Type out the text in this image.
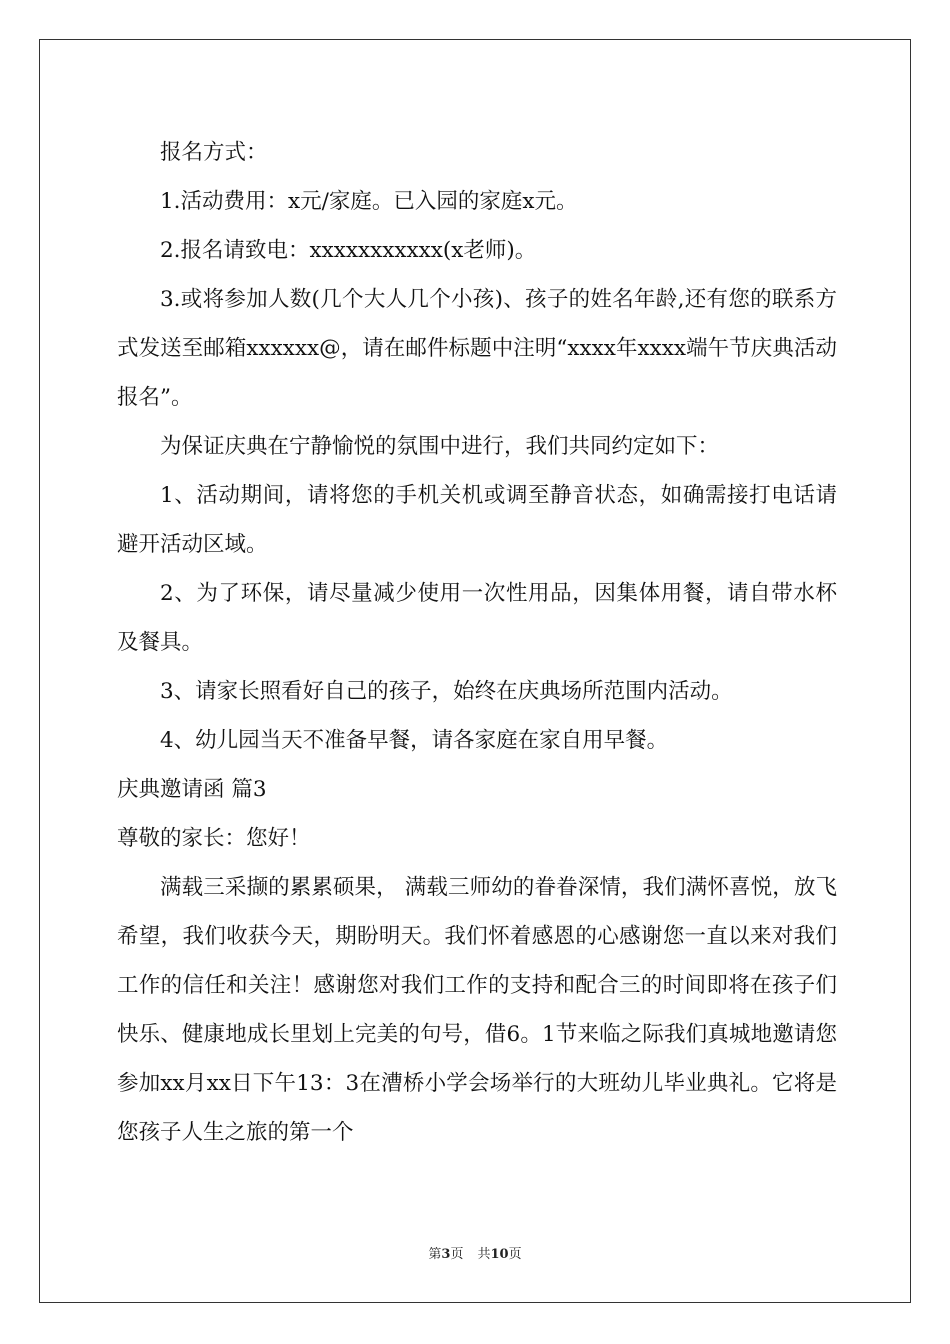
报名方式：

1.活动费用：x元/家庭。已入园的家庭x元。

2.报名请致电：xxxxxxxxxxx(x老师)。

3.或将参加人数(几个大人几个小孩)、孩子的姓名年龄,还有您的联系方式发送至邮箱xxxxxx@，请在邮件标题中注明“xxxx年xxxx端午节庆典活动报名”。

为保证庆典在宁静愉悦的氛围中进行，我们共同约定如下：

1、活动期间，请将您的手机关机或调至静音状态，如确需接打电话请避开活动区域。

2、为了环保，请尽量减少使用一次性用品，因集体用餐，请自带水杯及餐具。

3、请家长照看好自己的孩子，始终在庆典场所范围内活动。

4、幼儿园当天不准备早餐，请各家庭在家自用早餐。

庆典邀请函 篇3

尊敬的家长：您好！

满载三采撷的累累硕果， 满载三师幼的眷眷深情，我们满怀喜悦，放飞希望，我们收获今天，期盼明天。我们怀着感恩的心感谢您一直以来对我们工作的信任和关注！感谢您对我们工作的支持和配合三的时间即将在孩子们快乐、健康地成长里划上完美的句号，借6。1节来临之际我们真城地邀请您参加xx月xx日下午13：3在漕桥小学会场举行的大班幼儿毕业典礼。它将是您孩子人生之旅的第一个

第3页 共10页
